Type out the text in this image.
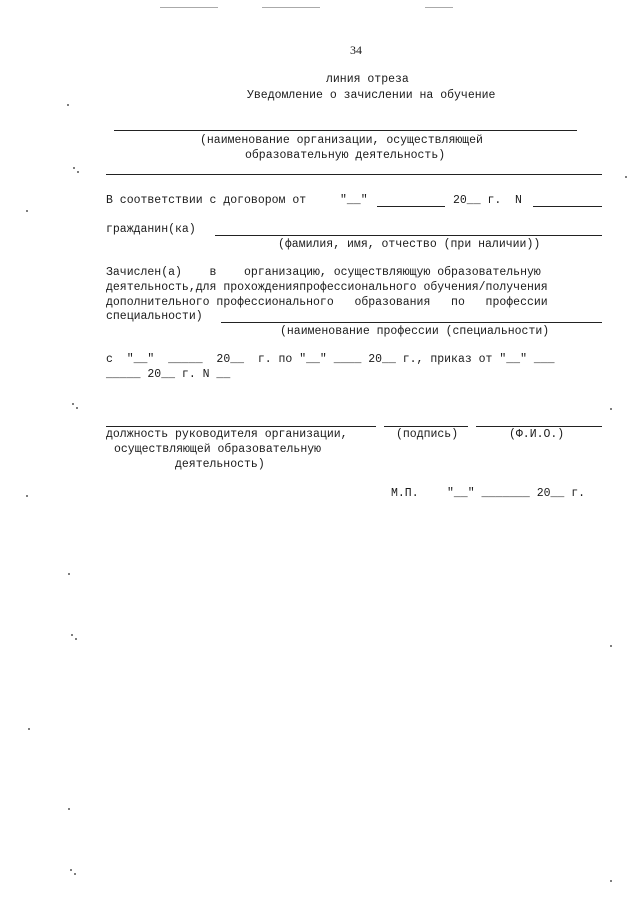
34
линия отреза
Уведомление о зачислении на обучение
(наименование организации, осуществляющей
образовательную деятельность)
В соответствии с договором от	"__"	20__ г. N
гражданин(ка)
(фамилия, имя, отчество (при наличии))
Зачислен(а)    в    организацию, осуществляющую образовательную
деятельность,для прохожденияпрофессионального обучения/получения
дополнительного профессионального   образования   по   профессии
специальности)
(наименование профессии (специальности)
с  "__"  _____  20__  г. по "__" ____ 20__ г., приказ от "__" ___
_____ 20__ г. N __
должность руководителя организации,	(подпись)	(Ф.И.О.)
осуществляющей образовательную
деятельность)
М.П. "__" _______ 20__ г.
